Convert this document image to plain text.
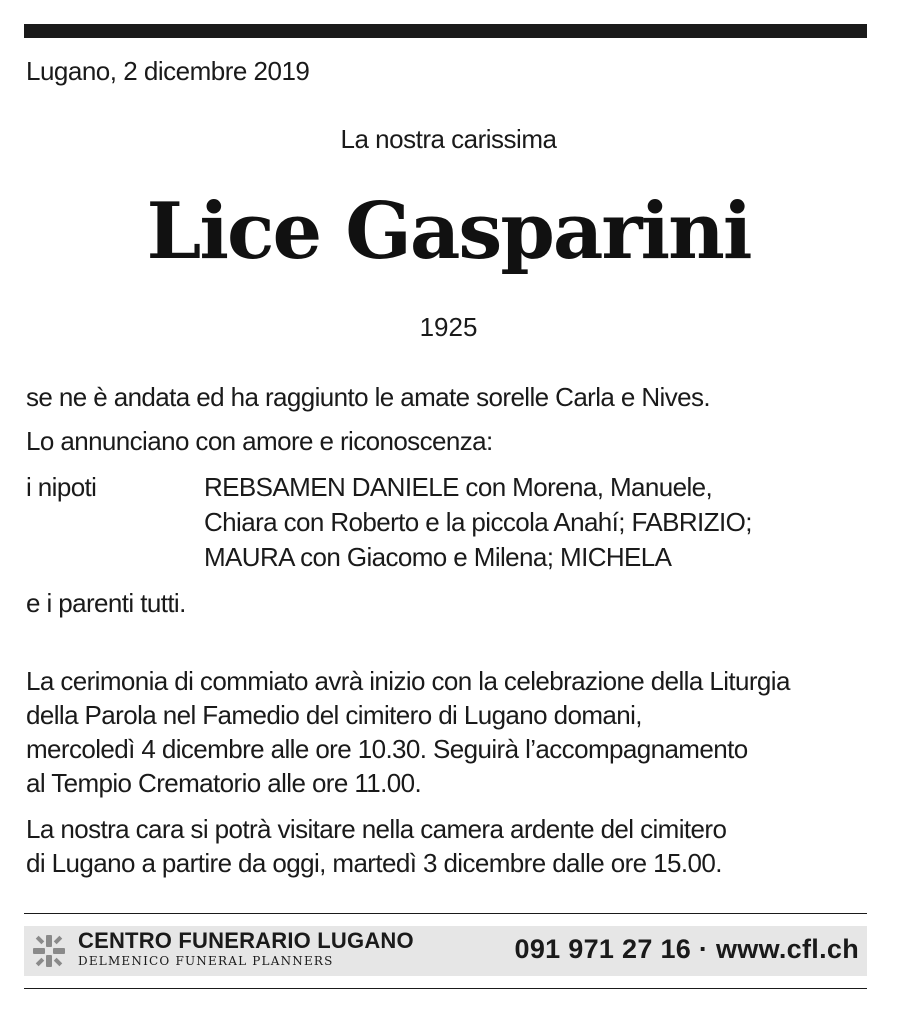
Lugano, 2 dicembre 2019
La nostra carissima
Lice Gasparini
1925
se ne è andata ed ha raggiunto le amate sorelle Carla e Nives.
Lo annunciano con amore e riconoscenza:
i nipoti	REBSAMEN DANIELE con Morena, Manuele,
Chiara con Roberto e la piccola Anahí; FABRIZIO;
MAURA con Giacomo e Milena; MICHELA
e i parenti tutti.
La cerimonia di commiato avrà inizio con la celebrazione della Liturgia
della Parola nel Famedio del cimitero di Lugano domani,
mercoledì 4 dicembre alle ore 10.30. Seguirà l’accompagnamento
al Tempio Crematorio alle ore 11.00.
La nostra cara si potrà visitare nella camera ardente del cimitero
di Lugano a partire da oggi, martedì 3 dicembre dalle ore 15.00.
CENTRO FUNERARIO LUGANO
DELMENICO FUNERAL PLANNERS	091 971 27 16 · www.cfl.ch
